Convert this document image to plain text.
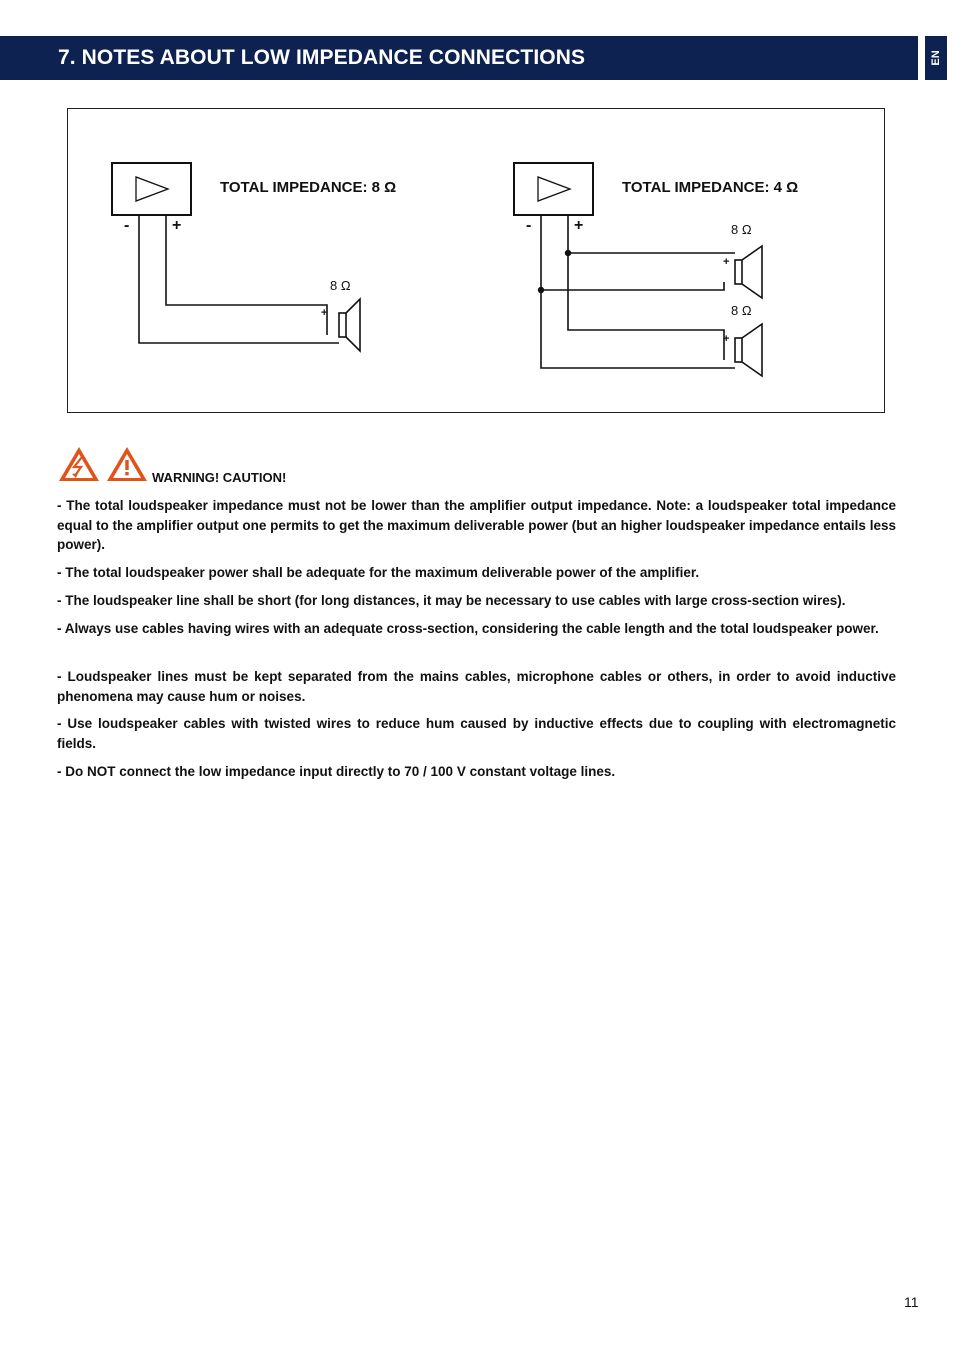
7. NOTES ABOUT LOW IMPEDANCE CONNECTIONS	EN
TOTAL IMPEDANCE: 8 Ω
-	+
8 Ω
+
TOTAL IMPEDANCE: 4 Ω
-	+	8 Ω
+
8 Ω
+
WARNING! CAUTION!
- The total loudspeaker impedance must not be lower than the amplifier output impedance. Note: a loudspeaker total impedance equal to the amplifier output one permits to get the maximum deliverable power (but an higher loudspeaker impedance entails less power).
- The total loudspeaker power shall be adequate for the maximum deliverable power of the amplifier.
- The loudspeaker line shall be short (for long distances, it may be necessary to use cables with large cross-section wires).
- Always use cables having wires with an adequate cross-section, considering the cable length and the total loudspeaker power.
- Loudspeaker lines must be kept separated from the mains cables, microphone cables or others, in order to avoid inductive phenomena may cause hum or noises.
- Use loudspeaker cables with twisted wires to reduce hum caused by inductive effects due to coupling with electromagnetic fields.
- Do NOT connect the low impedance input directly to 70 / 100 V constant voltage lines.
11
